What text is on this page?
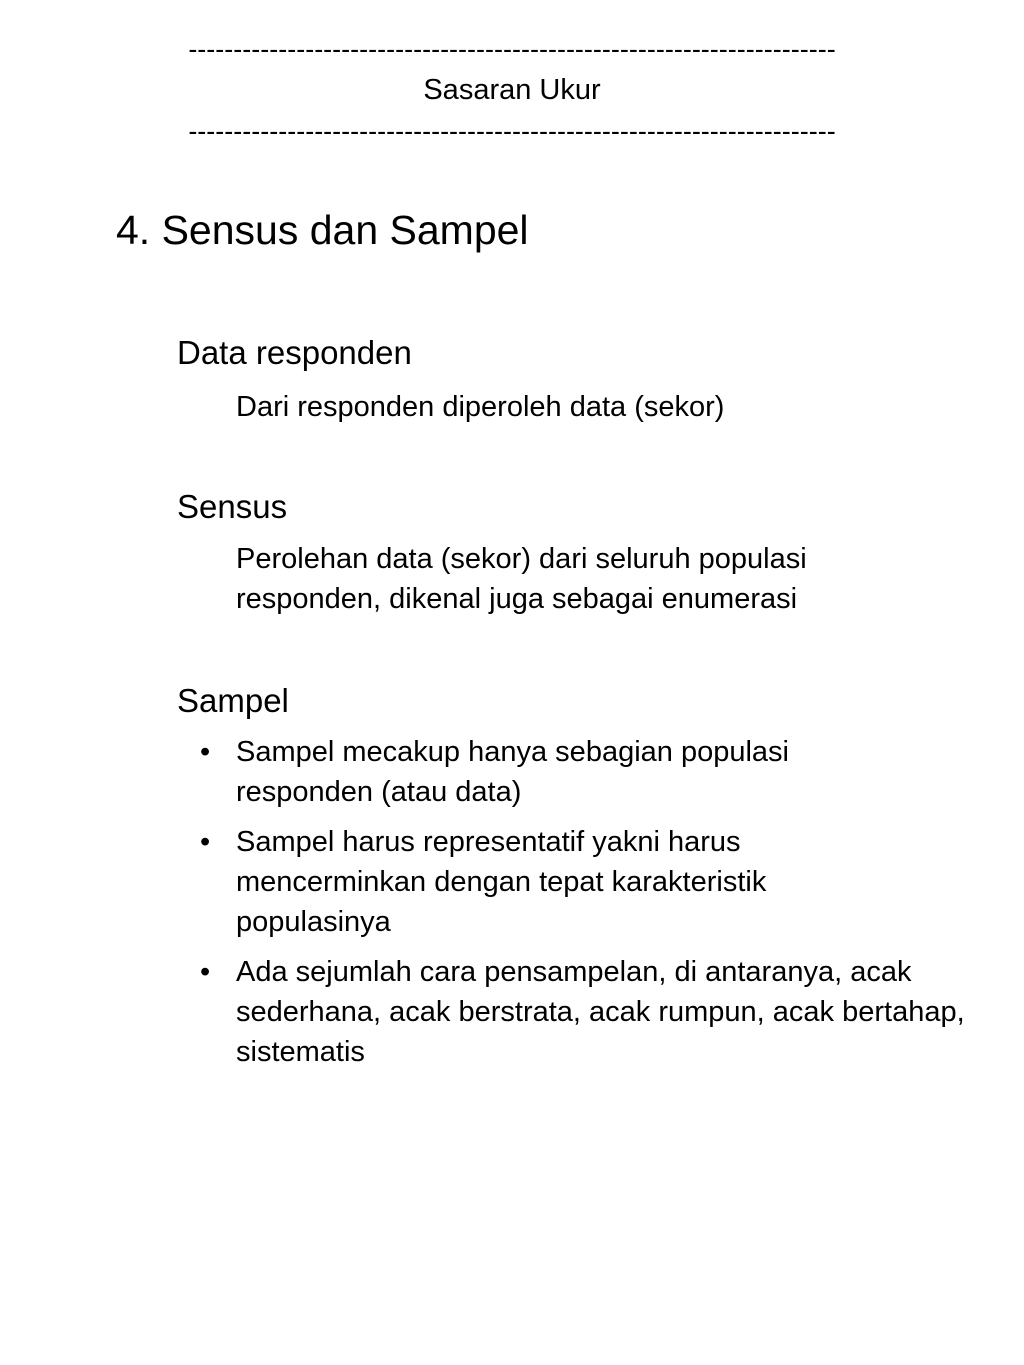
------------------------------------------------------------------------
Sasaran Ukur
------------------------------------------------------------------------
4. Sensus dan Sampel
Data responden
Dari responden diperoleh data (sekor)
Sensus
Perolehan data (sekor) dari seluruh populasi responden, dikenal juga sebagai enumerasi
Sampel
• Sampel mecakup hanya sebagian populasi responden (atau data)
• Sampel harus representatif yakni harus mencerminkan dengan tepat karakteristik populasinya
• Ada sejumlah cara pensampelan, di antaranya, acak sederhana, acak berstrata, acak rumpun, acak bertahap, sistematis
